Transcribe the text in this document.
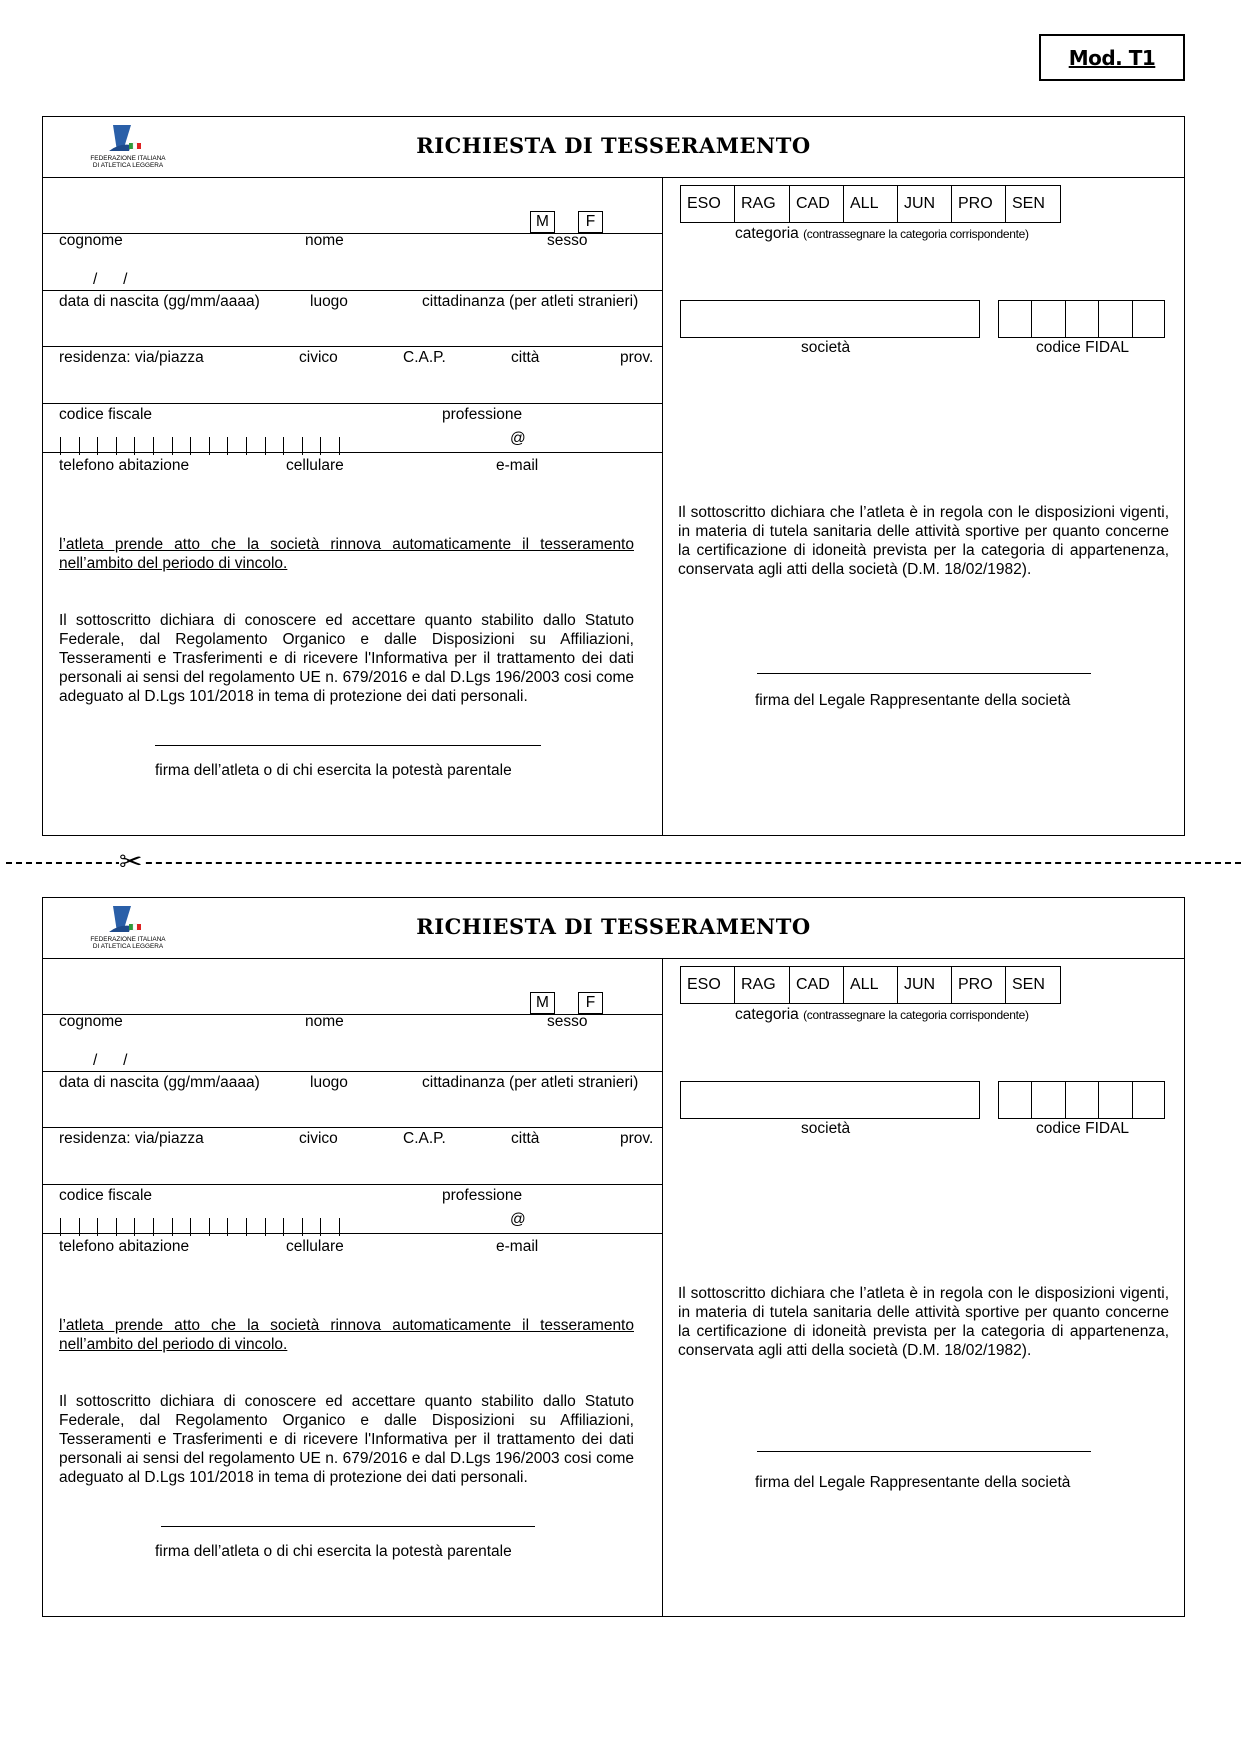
Mod. T1
FEDERAZIONE ITALIANA
DI ATLETICA LEGGERA
RICHIESTA DI TESSERAMENTO
M	F
cognome	nome	sesso
/      /
data di nascita (gg/mm/aaaa)	luogo	cittadinanza (per atleti stranieri)
residenza: via/piazza	civico	C.A.P.	città	prov.
codice fiscale	professione
@
telefono abitazione	cellulare	e-mail
l’atleta prende atto che la società rinnova automaticamente il tesseramento nell’ambito del periodo di vincolo.
Il sottoscritto dichiara di conoscere ed accettare quanto stabilito dallo Statuto Federale, dal Regolamento Organico e dalle Disposizioni su Affiliazioni, Tesseramenti e Trasferimenti e di ricevere l'Informativa per il trattamento dei dati personali ai sensi del regolamento UE n. 679/2016 e dal D.Lgs 196/2003 cosi come adeguato al D.Lgs 101/2018 in tema di protezione dei dati personali.
firma dell’atleta o di chi esercita la potestà parentale
ESO	RAG	CAD	ALL	JUN	PRO	SEN
categoria (contrassegnare la categoria corrispondente)
società	codice FIDAL
Il sottoscritto dichiara che l’atleta è in regola con le disposizioni vigenti, in materia di tutela sanitaria delle attività sportive per quanto concerne la certificazione di idoneità prevista per la categoria di appartenenza, conservata agli atti della società (D.M. 18/02/1982).
firma del Legale Rappresentante della società
✂
FEDERAZIONE ITALIANA
DI ATLETICA LEGGERA
RICHIESTA DI TESSERAMENTO
M	F
cognome	nome	sesso
/      /
data di nascita (gg/mm/aaaa)	luogo	cittadinanza (per atleti stranieri)
residenza: via/piazza	civico	C.A.P.	città	prov.
codice fiscale	professione
@
telefono abitazione	cellulare	e-mail
l’atleta prende atto che la società rinnova automaticamente il tesseramento nell’ambito del periodo di vincolo.
Il sottoscritto dichiara di conoscere ed accettare quanto stabilito dallo Statuto Federale, dal Regolamento Organico e dalle Disposizioni su Affiliazioni, Tesseramenti e Trasferimenti e di ricevere l'Informativa per il trattamento dei dati personali ai sensi del regolamento UE n. 679/2016 e dal D.Lgs 196/2003 cosi come adeguato al D.Lgs 101/2018 in tema di protezione dei dati personali.
firma dell’atleta o di chi esercita la potestà parentale
ESO	RAG	CAD	ALL	JUN	PRO	SEN
categoria (contrassegnare la categoria corrispondente)
società	codice FIDAL
Il sottoscritto dichiara che l’atleta è in regola con le disposizioni vigenti, in materia di tutela sanitaria delle attività sportive per quanto concerne la certificazione di idoneità prevista per la categoria di appartenenza, conservata agli atti della società (D.M. 18/02/1982).
firma del Legale Rappresentante della società
